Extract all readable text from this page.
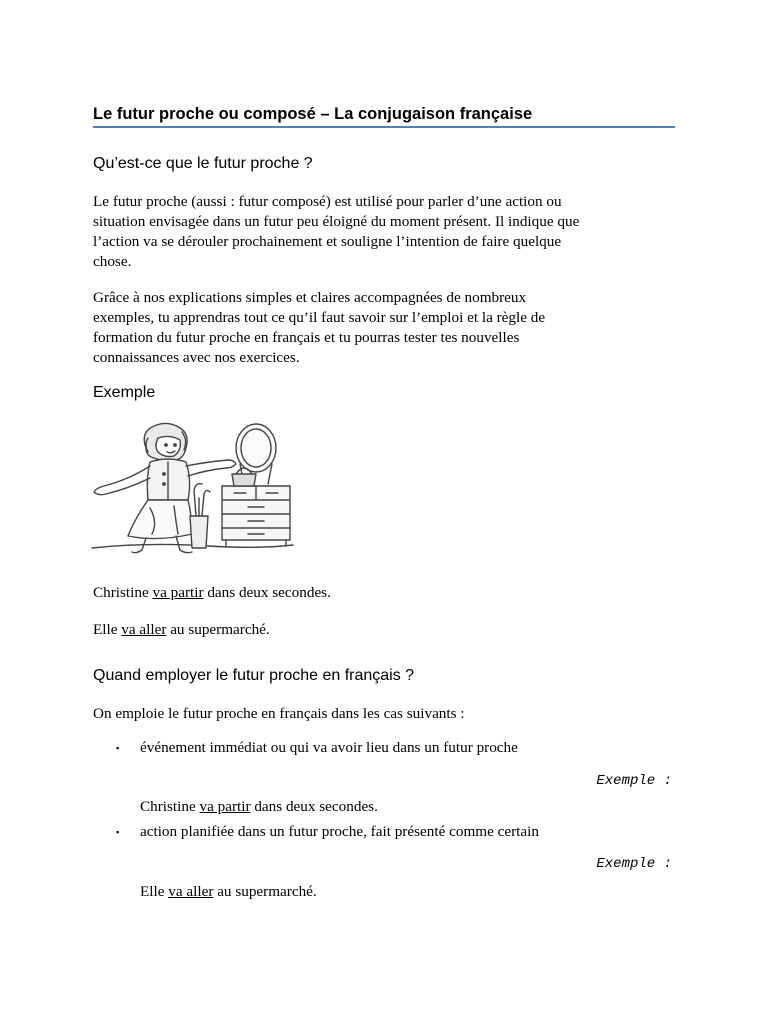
Le futur proche ou composé – La conjugaison française
Qu’est-ce que le futur proche ?
Le futur proche (aussi : futur composé) est utilisé pour parler d’une action ou
situation envisagée dans un futur peu éloigné du moment présent. Il indique que
l’action va se dérouler prochainement et souligne l’intention de faire quelque
chose.
Grâce à nos explications simples et claires accompagnées de nombreux
exemples, tu apprendras tout ce qu’il faut savoir sur l’emploi et la règle de
formation du futur proche en français et tu pourras tester tes nouvelles
connaissances avec nos exercices.
Exemple
Christine va partir dans deux secondes.
Elle va aller au supermarché.
Quand employer le futur proche en français ?
On emploie le futur proche en français dans les cas suivants :
▪ événement immédiat ou qui va avoir lieu dans un futur proche
Exemple :
Christine va partir dans deux secondes.
▪ action planifiée dans un futur proche, fait présenté comme certain
Exemple :
Elle va aller au supermarché.
